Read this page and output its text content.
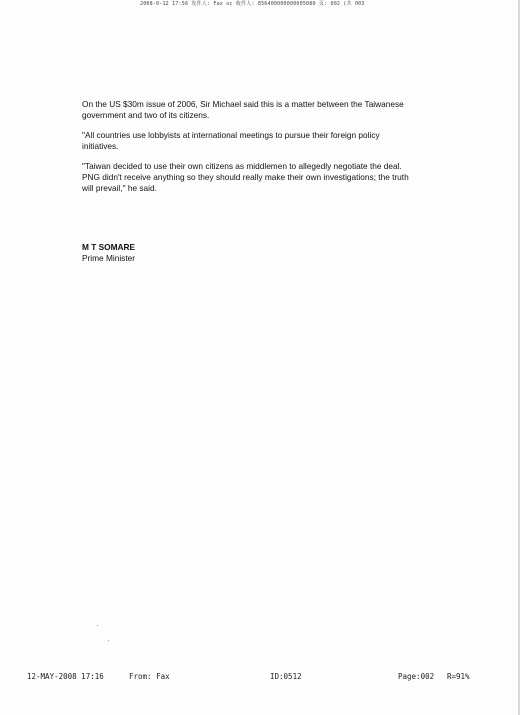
2008-0-12 17:56 发件人: Fax oc 收件人: 856400000000005080 页: 002 (共 003

On the US $30m issue of 2006, Sir Michael said this is a matter between the Taiwanese government and two of its citizens.

"All countries use lobbyists at international meetings to pursue their foreign policy initiatives.

"Taiwan decided to use their own citizens as middlemen to allegedly negotiate the deal. PNG didn't receive anything so they should really make their own investigations; the truth will prevail," he said.

M T SOMARE
Prime Minister
12-MAY-2008 17:16	From: Fax	ID:0512	Page:002 R=91%
